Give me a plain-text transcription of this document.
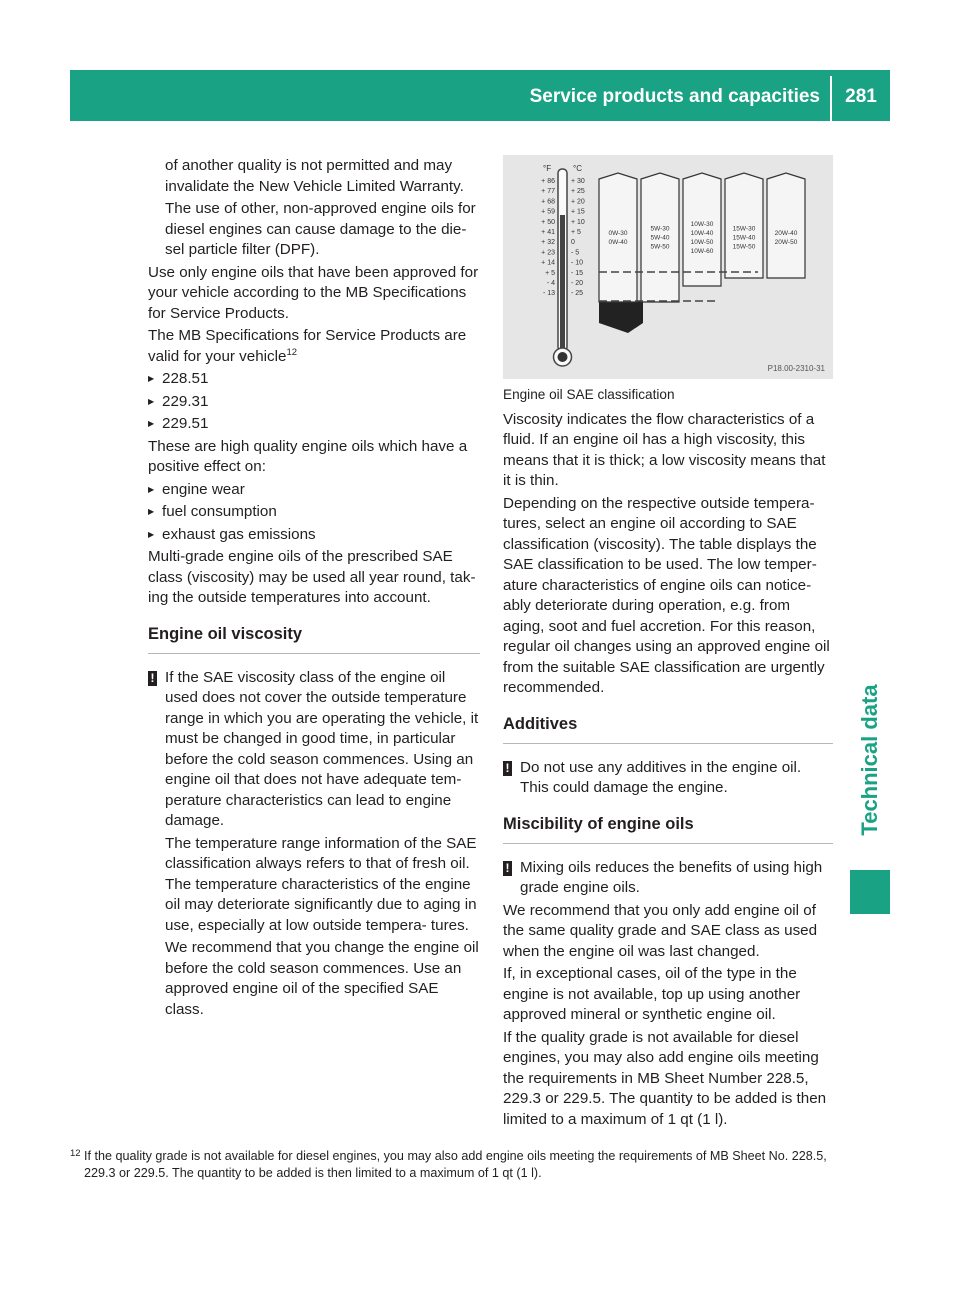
Service products and capacities	281
Technical data

of another quality is not permitted and may invalidate the New Vehicle Limited Warranty.

The use of other, non-approved engine oils for diesel engines can cause damage to the die- sel particle filter (DPF).

Use only engine oils that have been approved for your vehicle according to the MB Specifications for Service Products.

The MB Specifications for Service Products are valid for your vehicle$^{12}$

▶ 228.51
▶ 229.31
▶ 229.51

These are high quality engine oils which have a positive effect on:

▶ engine wear
▶ fuel consumption
▶ exhaust gas emissions

Multi-grade engine oils of the prescribed SAE class (viscosity) may be used all year round, tak- ing the outside temperatures into account.

Engine oil viscosity
! If the SAE viscosity class of the engine oil used does not cover the outside temperature range in which you are operating the vehicle, it must be changed in good time, in particular before the cold season commences. Using an engine oil that does not have adequate tem- perature characteristics can lead to engine damage.

The temperature range information of the SAE classification always refers to that of fresh oil. The temperature characteristics of the engine oil may deteriorate significantly due to aging in use, especially at low outside tempera- tures.

We recommend that you change the engine oil before the cold season commences. Use an approved engine oil of the specified SAE class.

°F	°C
+ 86 + 30
+ 77 + 25
+ 68 + 20
+ 59 + 15
+ 50 + 10
+ 41 + 5
+ 32 0
+ 23 - 5
+ 14 - 10
+ 5 - 15
- 4 - 20
- 13 - 25
0W-30
0W-40
5W-30
5W-40
5W-50
10W-30
10W-40
10W-50
10W-60
15W-30
15W-40
15W-50
20W-40
20W-50
P18.00-2310-31

Engine oil SAE classification

Viscosity indicates the flow characteristics of a fluid. If an engine oil has a high viscosity, this means that it is thick; a low viscosity means that it is thin.

Depending on the respective outside tempera- tures, select an engine oil according to SAE classification (viscosity). The table displays the SAE classification to be used. The low temper- ature characteristics of engine oils can notice- ably deteriorate during operation, e.g. from aging, soot and fuel accretion. For this reason, regular oil changes using an approved engine oil from the suitable SAE classification are urgently recommended.

Additives
! Do not use any additives in the engine oil. This could damage the engine.

Miscibility of engine oils
! Mixing oils reduces the benefits of using high grade engine oils.

We recommend that you only add engine oil of the same quality grade and SAE class as used when the engine oil was last changed.

If, in exceptional cases, oil of the type in the engine is not available, top up using another approved mineral or synthetic engine oil.

If the quality grade is not available for diesel engines, you may also add engine oils meeting the requirements in MB Sheet Number 228.5, 229.3 or 229.5. The quantity to be added is then limited to a maximum of 1 qt (1 l).

12 If the quality grade is not available for diesel engines, you may also add engine oils meeting the requirements of MB Sheet No. 228.5, 229.3 or 229.5. The quantity to be added is then limited to a maximum of 1 qt (1 l).
